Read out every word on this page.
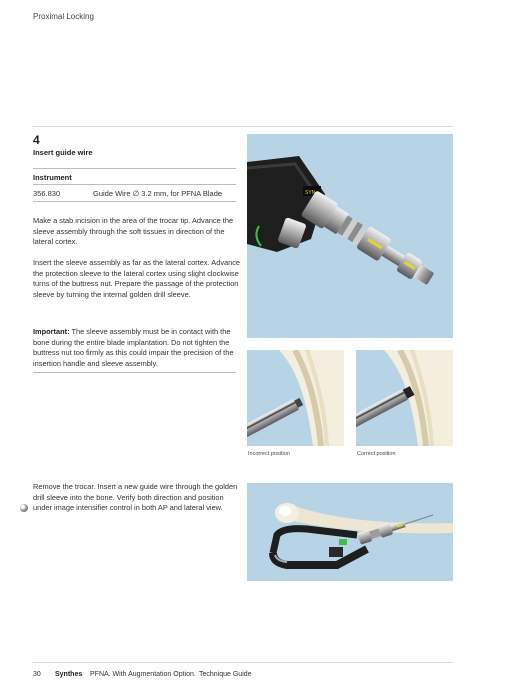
Proximal Locking
4
Insert guide wire
Instrument
356.830	Guide Wire ∅ 3.2 mm, for PFNA Blade

Make a stab incision in the area of the trocar tip. Advance the sleeve assembly through the soft tissues in direction of the lateral cortex.

Insert the sleeve assembly as far as the lateral cortex. Advance the protection sleeve to the lateral cortex using slight clockwise turns of the buttress nut. Prepare the passage of the protection sleeve by turning the internal golden drill sleeve.

Important: The sleeve assembly must be in contact with the bone during the entire blade implantation. Do not tighten the buttress nut too firmly as this could impair the precision of the insertion handle and sleeve assembly.

Remove the trocar. Insert a new guide wire through the golden drill sleeve into the bone. Verify both direction and position under image intensifier control in both AP and lateral view.

SYN
Incorrect position	Correct position
30 Synthes PFNA. With Augmentation Option. Technique Guide
